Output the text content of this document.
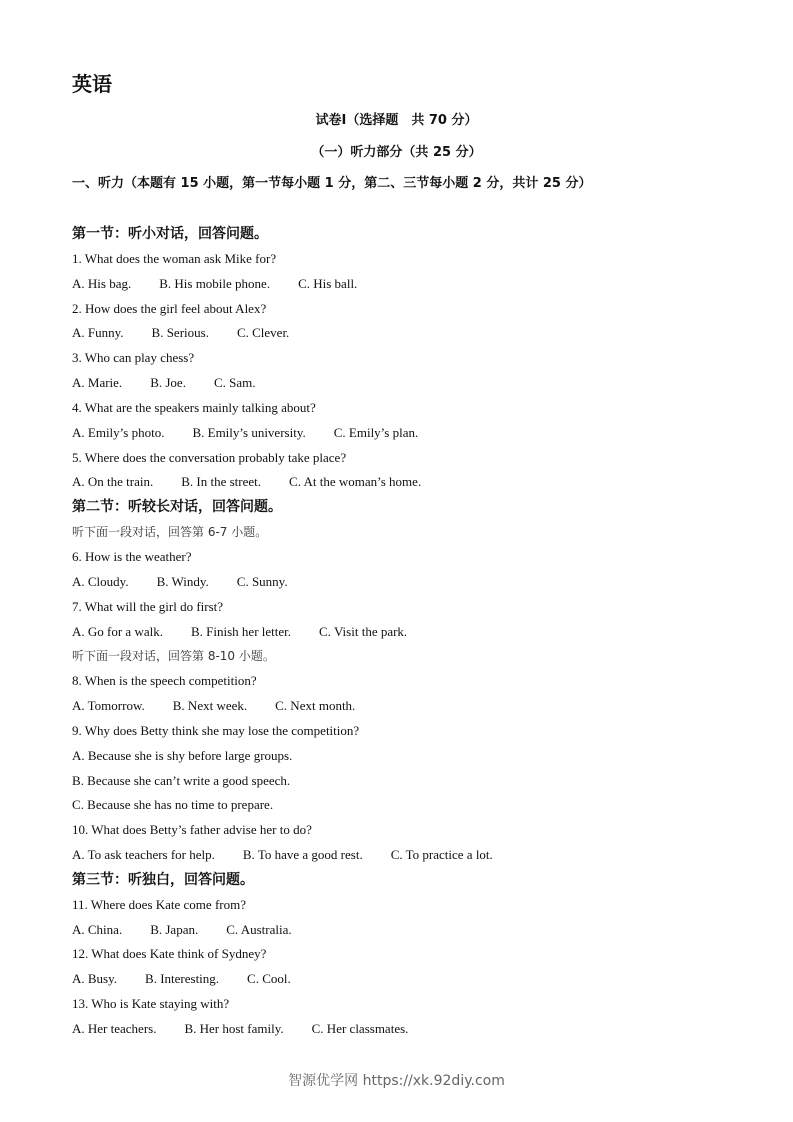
英语
试卷Ⅰ（选择题　共 70 分）
（一）听力部分（共 25 分）
一、听力（本题有 15 小题，第一节每小题 1 分，第二、三节每小题 2 分，共计 25 分）
第一节：听小对话，回答问题。
1. What does the woman ask Mike for?
A. His bag. B. His mobile phone. C. His ball.
2. How does the girl feel about Alex?
A. Funny. B. Serious. C. Clever.
3. Who can play chess?
A. Marie. B. Joe. C. Sam.
4. What are the speakers mainly talking about?
A. Emily’s photo. B. Emily’s university. C. Emily’s plan.
5. Where does the conversation probably take place?
A. On the train. B. In the street. C. At the woman’s home.
第二节：听较长对话，回答问题。
听下面一段对话，回答第 6-7 小题。
6. How is the weather?
A. Cloudy. B. Windy. C. Sunny.
7. What will the girl do first?
A. Go for a walk. B. Finish her letter. C. Visit the park.
听下面一段对话，回答第 8-10 小题。
8. When is the speech competition?
A. Tomorrow. B. Next week. C. Next month.
9. Why does Betty think she may lose the competition?
A. Because she is shy before large groups.
B. Because she can’t write a good speech.
C. Because she has no time to prepare.
10. What does Betty’s father advise her to do?
A. To ask teachers for help. B. To have a good rest. C. To practice a lot.
第三节：听独白，回答问题。
11. Where does Kate come from?
A. China. B. Japan. C. Australia.
12. What does Kate think of Sydney?
A. Busy. B. Interesting. C. Cool.
13. Who is Kate staying with?
A. Her teachers. B. Her host family. C. Her classmates.
智源优学网 https://xk.92diy.com
